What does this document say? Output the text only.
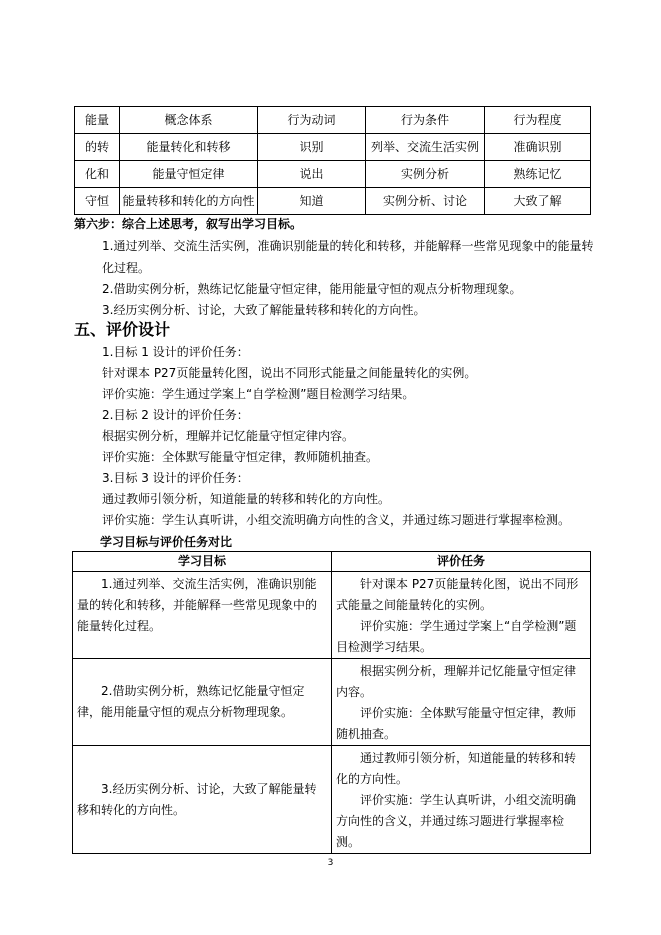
能量	概念体系	行为动词	行为条件	行为程度
的转	能量转化和转移	识别	列举、交流生活实例	准确识别
化和	能量守恒定律	说出	实例分析	熟练记忆
守恒	能量转移和转化的方向性	知道	实例分析、讨论	大致了解
第六步：综合上述思考，叙写出学习目标。
1.通过列举、交流生活实例，准确识别能量的转化和转移，并能解释一些常见现象中的能量转
化过程。
2.借助实例分析，熟练记忆能量守恒定律，能用能量守恒的观点分析物理现象。
3.经历实例分析、讨论，大致了解能量转移和转化的方向性。
五、评价设计
1.目标 1 设计的评价任务：
针对课本 P27页能量转化图，说出不同形式能量之间能量转化的实例。
评价实施：学生通过学案上“自学检测”题目检测学习结果。
2.目标 2 设计的评价任务：
根据实例分析，理解并记忆能量守恒定律内容。
评价实施：全体默写能量守恒定律，教师随机抽查。
3.目标 3 设计的评价任务：
通过教师引领分析，知道能量的转移和转化的方向性。
评价实施：学生认真听讲，小组交流明确方向性的含义，并通过练习题进行掌握率检测。
学习目标与评价任务对比
学习目标	评价任务

1.通过列举、交流生活实例，准确识别能量的转化和转移，并能解释一些常见现象中的能量转化过程。	针对课本 P27页能量转化图，说出不同形式能量之间能量转化的实例。
评价实施：学生通过学案上“自学检测”题目检测学习结果。

2.借助实例分析，熟练记忆能量守恒定律，能用能量守恒的观点分析物理现象。	根据实例分析，理解并记忆能量守恒定律内容。
评价实施：全体默写能量守恒定律，教师随机抽查。

3.经历实例分析、讨论，大致了解能量转移和转化的方向性。	通过教师引领分析，知道能量的转移和转化的方向性。
评价实施：学生认真听讲，小组交流明确方向性的含义，并通过练习题进行掌握率检测。
3
